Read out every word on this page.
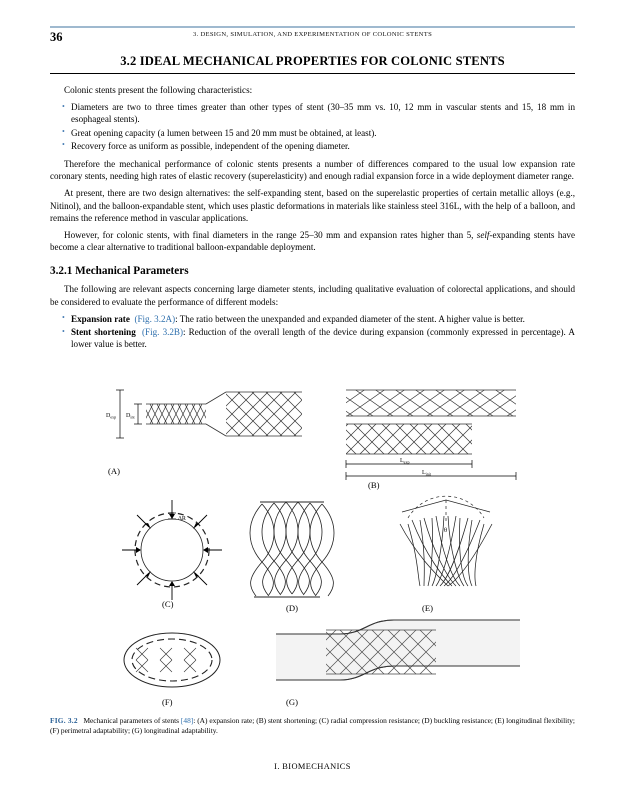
36	3. DESIGN, SIMULATION, AND EXPERIMENTATION OF COLONIC STENTS
3.2 IDEAL MECHANICAL PROPERTIES FOR COLONIC STENTS

Colonic stents present the following characteristics:

• Diameters are two to three times greater than other types of stent (30–35 mm vs. 10, 12 mm in vascular stents and 15, 18 mm in esophageal stents).
• Great opening capacity (a lumen between 15 and 20 mm must be obtained, at least).
• Recovery force as uniform as possible, independent of the opening diameter.

Therefore the mechanical performance of colonic stents presents a number of differences compared to the usual low expansion rate coronary stents, needing high rates of elastic recovery (superelasticity) and enough radial expansion force in a wide deployment diameter range.

At present, there are two design alternatives: the self-expanding stent, based on the superelastic properties of certain metallic alloys (e.g., Nitinol), and the balloon-expandable stent, which uses plastic deformations in materials like stainless steel 316L, with the help of a balloon, and remains the reference method in vascular applications.

However, for colonic stents, with final diameters in the range 25–30 mm and expansion rates higher than 5, self-expanding stents have become a clear alternative to traditional balloon-expandable deployment.

3.2.1 Mechanical Parameters

The following are relevant aspects concerning large diameter stents, including qualitative evaluation of colorectal applications, and should be considered to evaluate the performance of different models:

• Expansion rate (Fig. 3.2A): The ratio between the unexpanded and expanded diameter of the stent. A higher value is better.
• Stent shortening (Fig. 3.2B): Reduction of the overall length of the device during expansion (commonly expressed in percentage). A lower value is better.
$D_{exp}$ $D_{int}$
(A)
$L_{exp}$
$L_{init}$
(B)
ΔR
(C)	(D)
θ
(E)
(F)	(G)
FIG. 3.2 Mechanical parameters of stents [48]: (A) expansion rate; (B) stent shortening; (C) radial compression resistance; (D) buckling resistance; (E) longitudinal flexibility; (F) perimetral adaptability; (G) longitudinal adaptability.
I. BIOMECHANICS
